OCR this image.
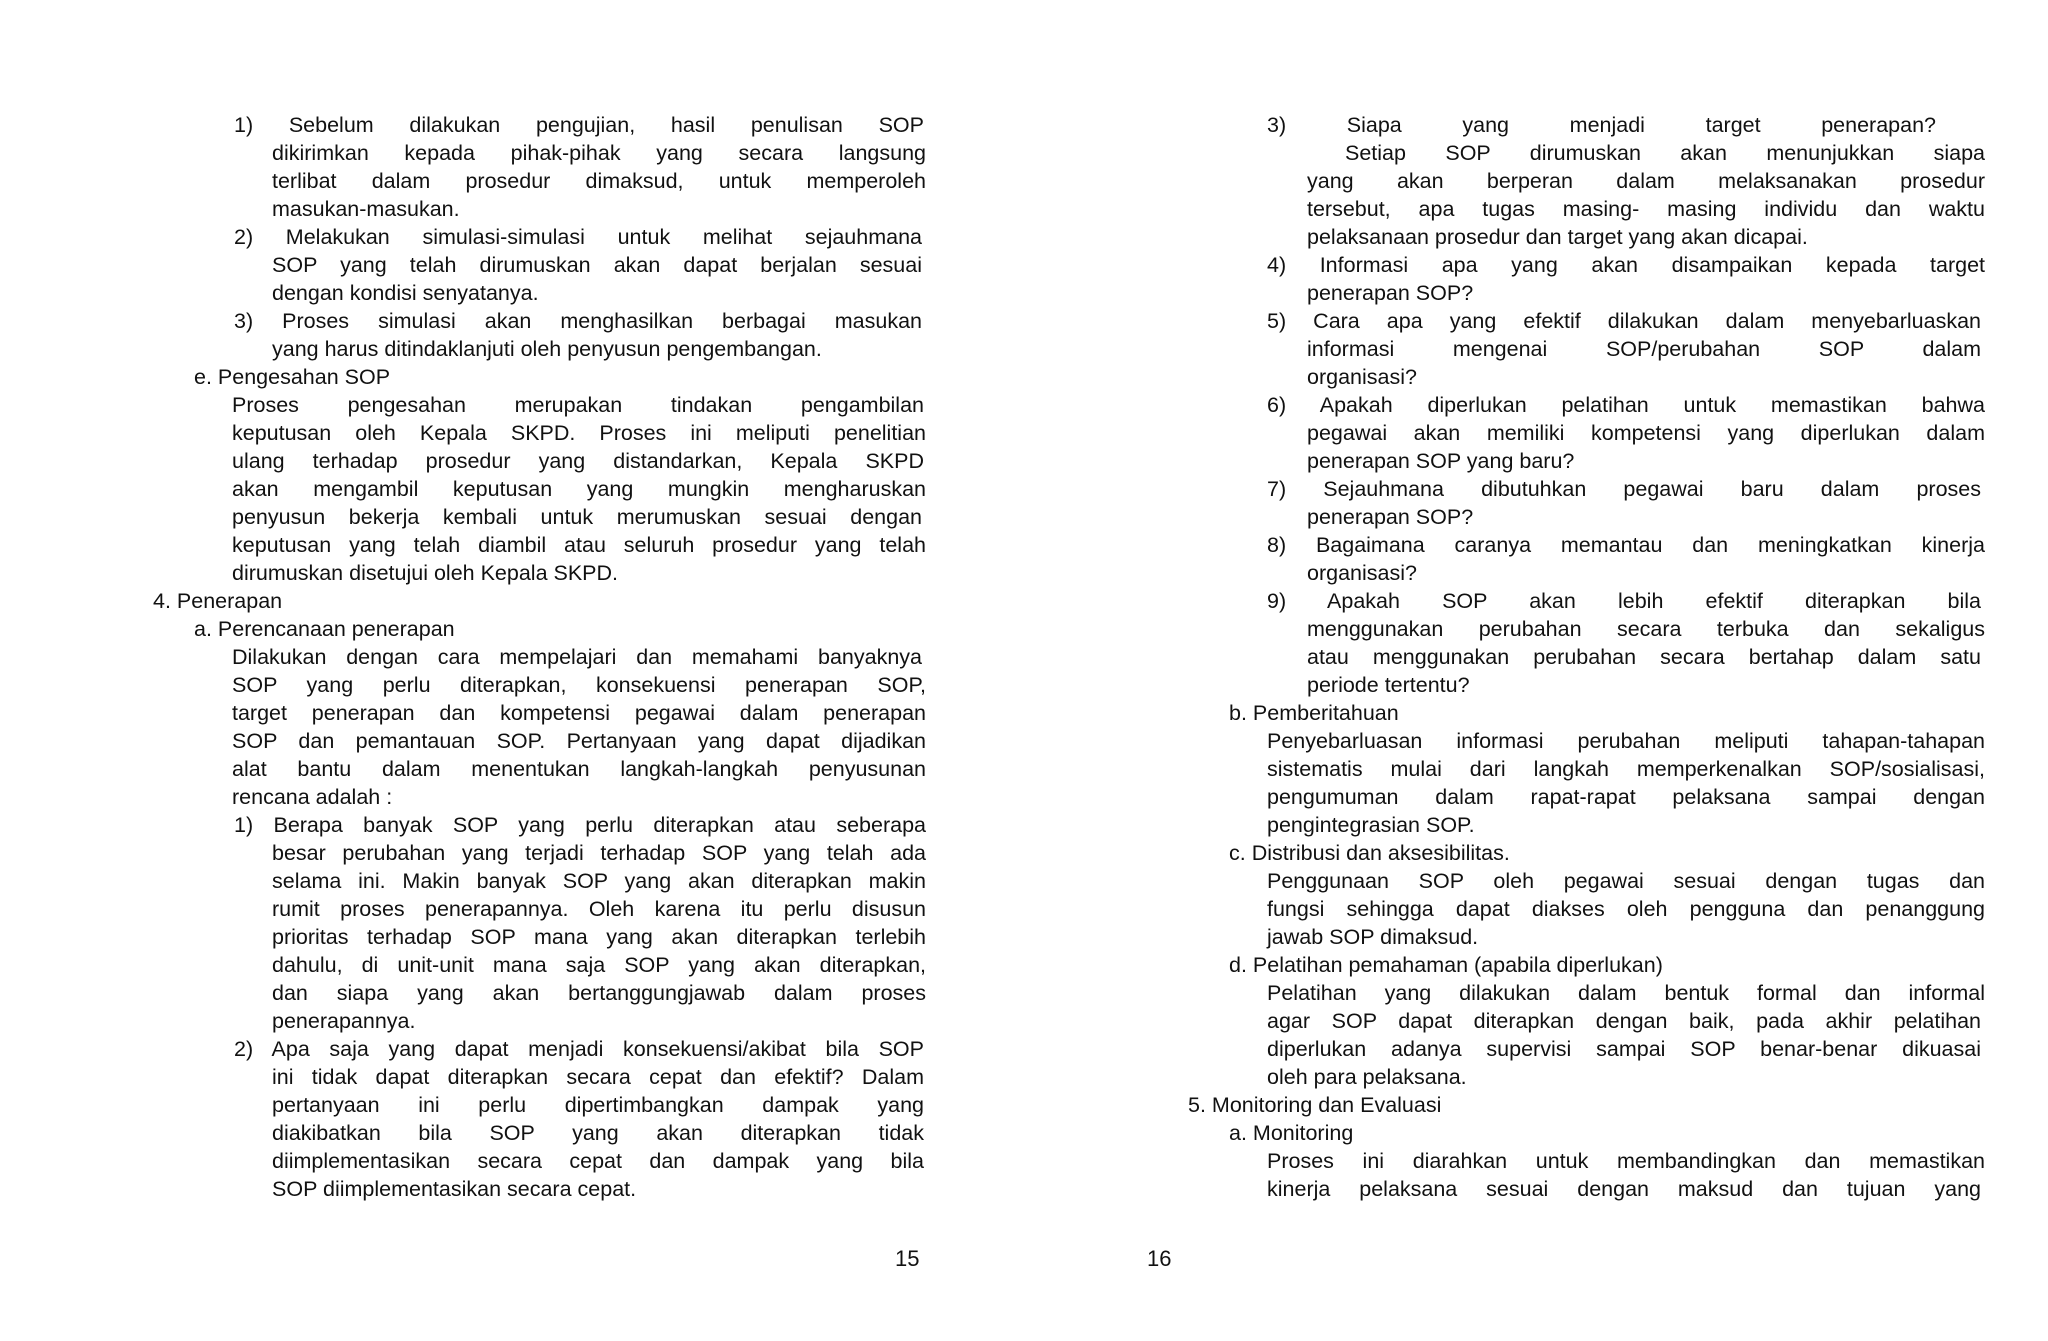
1) Sebelum dilakukan pengujian, hasil penulisan SOP
dikirimkan kepada pihak-pihak yang secara langsung
terlibat dalam prosedur dimaksud, untuk memperoleh
masukan-masukan.
2) Melakukan simulasi-simulasi untuk melihat sejauhmana
SOP yang telah dirumuskan akan dapat berjalan sesuai
dengan kondisi senyatanya.
3) Proses simulasi akan menghasilkan berbagai masukan
yang harus ditindaklanjuti oleh penyusun pengembangan.
e. Pengesahan SOP
Proses pengesahan merupakan tindakan pengambilan
keputusan oleh Kepala SKPD. Proses ini meliputi penelitian
ulang terhadap prosedur yang distandarkan, Kepala SKPD
akan mengambil keputusan yang mungkin mengharuskan
penyusun bekerja kembali untuk merumuskan sesuai dengan
keputusan yang telah diambil atau seluruh prosedur yang telah
dirumuskan disetujui oleh Kepala SKPD.
4. Penerapan
a. Perencanaan penerapan
Dilakukan dengan cara mempelajari dan memahami banyaknya
SOP yang perlu diterapkan, konsekuensi penerapan SOP,
target penerapan dan kompetensi pegawai dalam penerapan
SOP dan pemantauan SOP. Pertanyaan yang dapat dijadikan
alat bantu dalam menentukan langkah-langkah penyusunan
rencana adalah :
1) Berapa banyak SOP yang perlu diterapkan atau seberapa
besar perubahan yang terjadi terhadap SOP yang telah ada
selama ini. Makin banyak SOP yang akan diterapkan makin
rumit proses penerapannya. Oleh karena itu perlu disusun
prioritas terhadap SOP mana yang akan diterapkan terlebih
dahulu, di unit-unit mana saja SOP yang akan diterapkan,
dan siapa yang akan bertanggungjawab dalam proses
penerapannya.
2) Apa saja yang dapat menjadi konsekuensi/akibat bila SOP
ini tidak dapat diterapkan secara cepat dan efektif? Dalam
pertanyaan ini perlu dipertimbangkan dampak yang
diakibatkan bila SOP yang akan diterapkan tidak
diimplementasikan secara cepat dan dampak yang bila
SOP diimplementasikan secara cepat.
15
3) Siapa yang menjadi target penerapan?
Setiap SOP dirumuskan akan menunjukkan siapa
yang akan berperan dalam melaksanakan prosedur
tersebut, apa tugas masing- masing individu dan waktu
pelaksanaan prosedur dan target yang akan dicapai.
4) Informasi apa yang akan disampaikan kepada target
penerapan SOP?
5) Cara apa yang efektif dilakukan dalam menyebarluaskan
informasi mengenai SOP/perubahan SOP dalam
organisasi?
6) Apakah diperlukan pelatihan untuk memastikan bahwa
pegawai akan memiliki kompetensi yang diperlukan dalam
penerapan SOP yang baru?
7) Sejauhmana dibutuhkan pegawai baru dalam proses
penerapan SOP?
8) Bagaimana caranya memantau dan meningkatkan kinerja
organisasi?
9) Apakah SOP akan lebih efektif diterapkan bila
menggunakan perubahan secara terbuka dan sekaligus
atau menggunakan perubahan secara bertahap dalam satu
periode tertentu?
b. Pemberitahuan
Penyebarluasan informasi perubahan meliputi tahapan-tahapan
sistematis mulai dari langkah memperkenalkan SOP/sosialisasi,
pengumuman dalam rapat-rapat pelaksana sampai dengan
pengintegrasian SOP.
c. Distribusi dan aksesibilitas.
Penggunaan SOP oleh pegawai sesuai dengan tugas dan
fungsi sehingga dapat diakses oleh pengguna dan penanggung
jawab SOP dimaksud.
d. Pelatihan pemahaman (apabila diperlukan)
Pelatihan yang dilakukan dalam bentuk formal dan informal
agar SOP dapat diterapkan dengan baik, pada akhir pelatihan
diperlukan adanya supervisi sampai SOP benar-benar dikuasai
oleh para pelaksana.
5. Monitoring dan Evaluasi
a. Monitoring
Proses ini diarahkan untuk membandingkan dan memastikan
kinerja pelaksana sesuai dengan maksud dan tujuan yang
16
